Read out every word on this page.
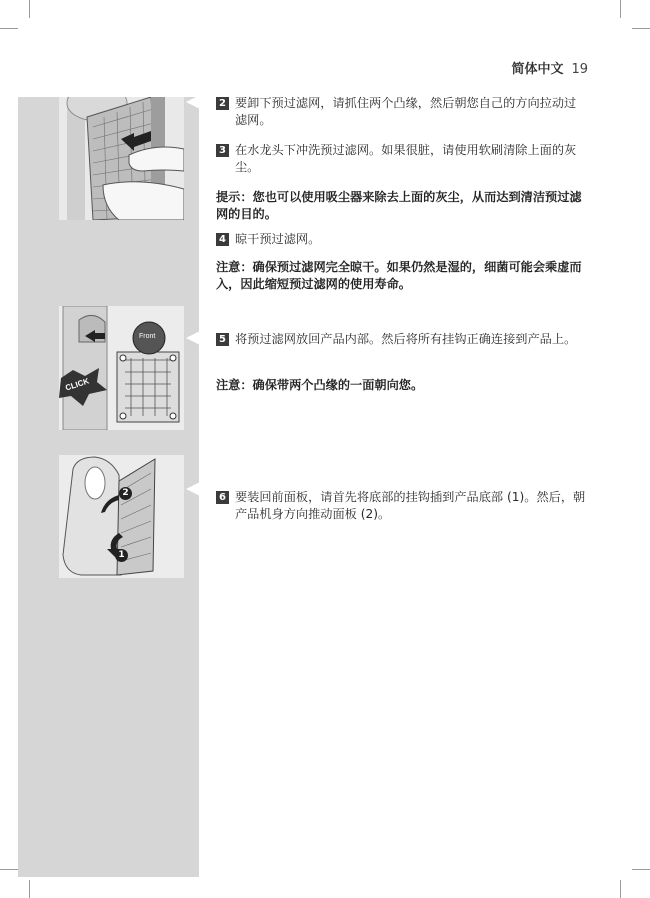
简体中文 19
Front
CLICK
2
1
2 要卸下预过滤网，请抓住两个凸缘，然后朝您自己的方向拉动过滤网。
3 在水龙头下冲洗预过滤网。如果很脏，请使用软刷清除上面的灰尘。
提示：您也可以使用吸尘器来除去上面的灰尘，从而达到清洁预过滤网的目的。
4 晾干预过滤网。
注意：确保预过滤网完全晾干。如果仍然是湿的，细菌可能会乘虚而入，因此缩短预过滤网的使用寿命。
5 将预过滤网放回产品内部。然后将所有挂钩正确连接到产品上。
注意：确保带两个凸缘的一面朝向您。
6 要装回前面板，请首先将底部的挂钩插到产品底部 (1)。然后，朝产品机身方向推动面板 (2)。
